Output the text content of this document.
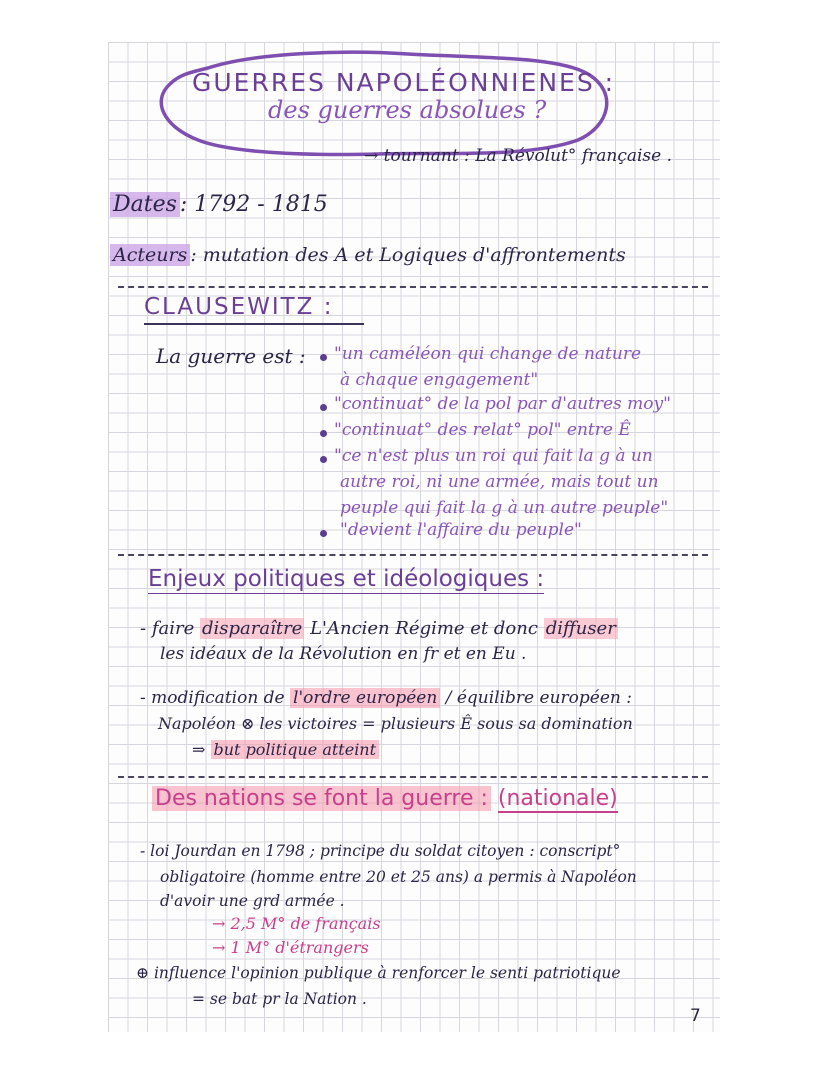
GUERRES NAPOLÉONNIENES :
des guerres absolues ?
→ tournant : La Révolut° française .
Dates : 1792 - 1815
Acteurs : mutation des A et Logiques d'affrontements
CLAUSEWITZ :
La guerre est : "un caméléon qui change de nature
à chaque engagement"
"continuat° de la pol par d'autres moy"
"continuat° des relat° pol" entre Ê
"ce n'est plus un roi qui fait la g à un
autre roi, ni une armée, mais tout un
peuple qui fait la g à un autre peuple"
"devient l'affaire du peuple"
Enjeux politiques et idéologiques :
- faire disparaître L'Ancien Régime et donc diffuser
les idéaux de la Révolution en fr et en Eu .
- modification de l'ordre européen / équilibre européen :
Napoléon ⊗ les victoires = plusieurs Ê sous sa domination
⇒ but politique atteint
Des nations se font la guerre : (nationale)
- loi Jourdan en 1798 ; principe du soldat citoyen : conscript°
obligatoire (homme entre 20 et 25 ans) a permis à Napoléon
d'avoir une grd armée .
→ 2,5 M° de français
→ 1 M° d'étrangers
⊕ influence l'opinion publique à renforcer le senti patriotique
= se bat pr la Nation .
7
